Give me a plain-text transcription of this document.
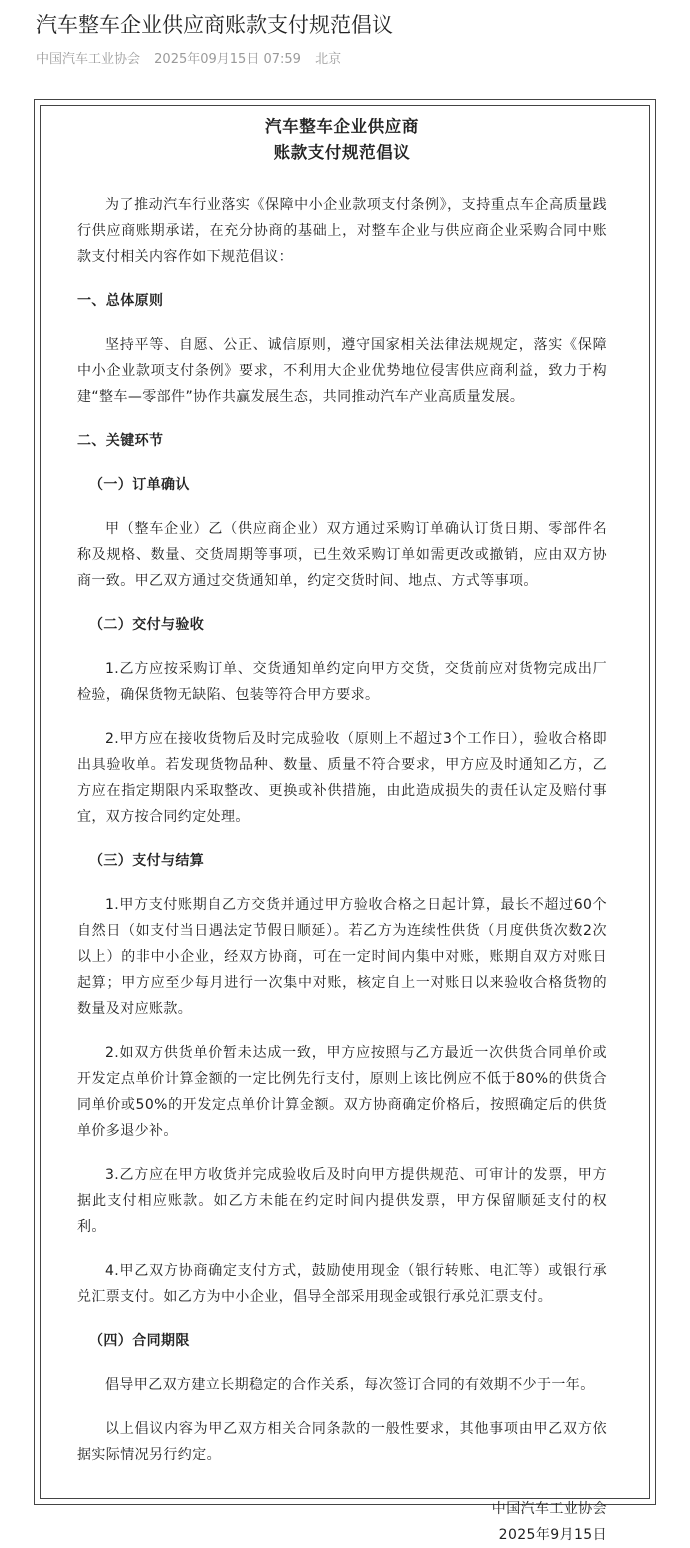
汽车整车企业供应商账款支付规范倡议
中国汽车工业协会 2025年09月15日 07:59 北京
汽车整车企业供应商
账款支付规范倡议

为了推动汽车行业落实《保障中小企业款项支付条例》，支持重点车企高质量践行供应商账期承诺，在充分协商的基础上，对整车企业与供应商企业采购合同中账款支付相关内容作如下规范倡议：

一、总体原则

坚持平等、自愿、公正、诚信原则，遵守国家相关法律法规规定，落实《保障中小企业款项支付条例》要求，不利用大企业优势地位侵害供应商利益，致力于构建“整车—零部件”协作共赢发展生态，共同推动汽车产业高质量发展。

二、关键环节

（一）订单确认

甲（整车企业）乙（供应商企业）双方通过采购订单确认订货日期、零部件名称及规格、数量、交货周期等事项，已生效采购订单如需更改或撤销，应由双方协商一致。甲乙双方通过交货通知单，约定交货时间、地点、方式等事项。

（二）交付与验收

1.乙方应按采购订单、交货通知单约定向甲方交货，交货前应对货物完成出厂检验，确保货物无缺陷、包装等符合甲方要求。

2.甲方应在接收货物后及时完成验收（原则上不超过3个工作日），验收合格即出具验收单。若发现货物品种、数量、质量不符合要求，甲方应及时通知乙方，乙方应在指定期限内采取整改、更换或补供措施，由此造成损失的责任认定及赔付事宜，双方按合同约定处理。

（三）支付与结算

1.甲方支付账期自乙方交货并通过甲方验收合格之日起计算，最长不超过60个自然日（如支付当日遇法定节假日顺延）。若乙方为连续性供货（月度供货次数2次以上）的非中小企业，经双方协商，可在一定时间内集中对账，账期自双方对账日起算；甲方应至少每月进行一次集中对账，核定自上一对账日以来验收合格货物的数量及对应账款。

2.如双方供货单价暂未达成一致，甲方应按照与乙方最近一次供货合同单价或开发定点单价计算金额的一定比例先行支付，原则上该比例应不低于80%的供货合同单价或50%的开发定点单价计算金额。双方协商确定价格后，按照确定后的供货单价多退少补。

3.乙方应在甲方收货并完成验收后及时向甲方提供规范、可审计的发票，甲方据此支付相应账款。如乙方未能在约定时间内提供发票，甲方保留顺延支付的权利。

4.甲乙双方协商确定支付方式，鼓励使用现金（银行转账、电汇等）或银行承兑汇票支付。如乙方为中小企业，倡导全部采用现金或银行承兑汇票支付。

（四）合同期限

倡导甲乙双方建立长期稳定的合作关系，每次签订合同的有效期不少于一年。

以上倡议内容为甲乙双方相关合同条款的一般性要求，其他事项由甲乙双方依据实际情况另行约定。

中国汽车工业协会
2025年9月15日
